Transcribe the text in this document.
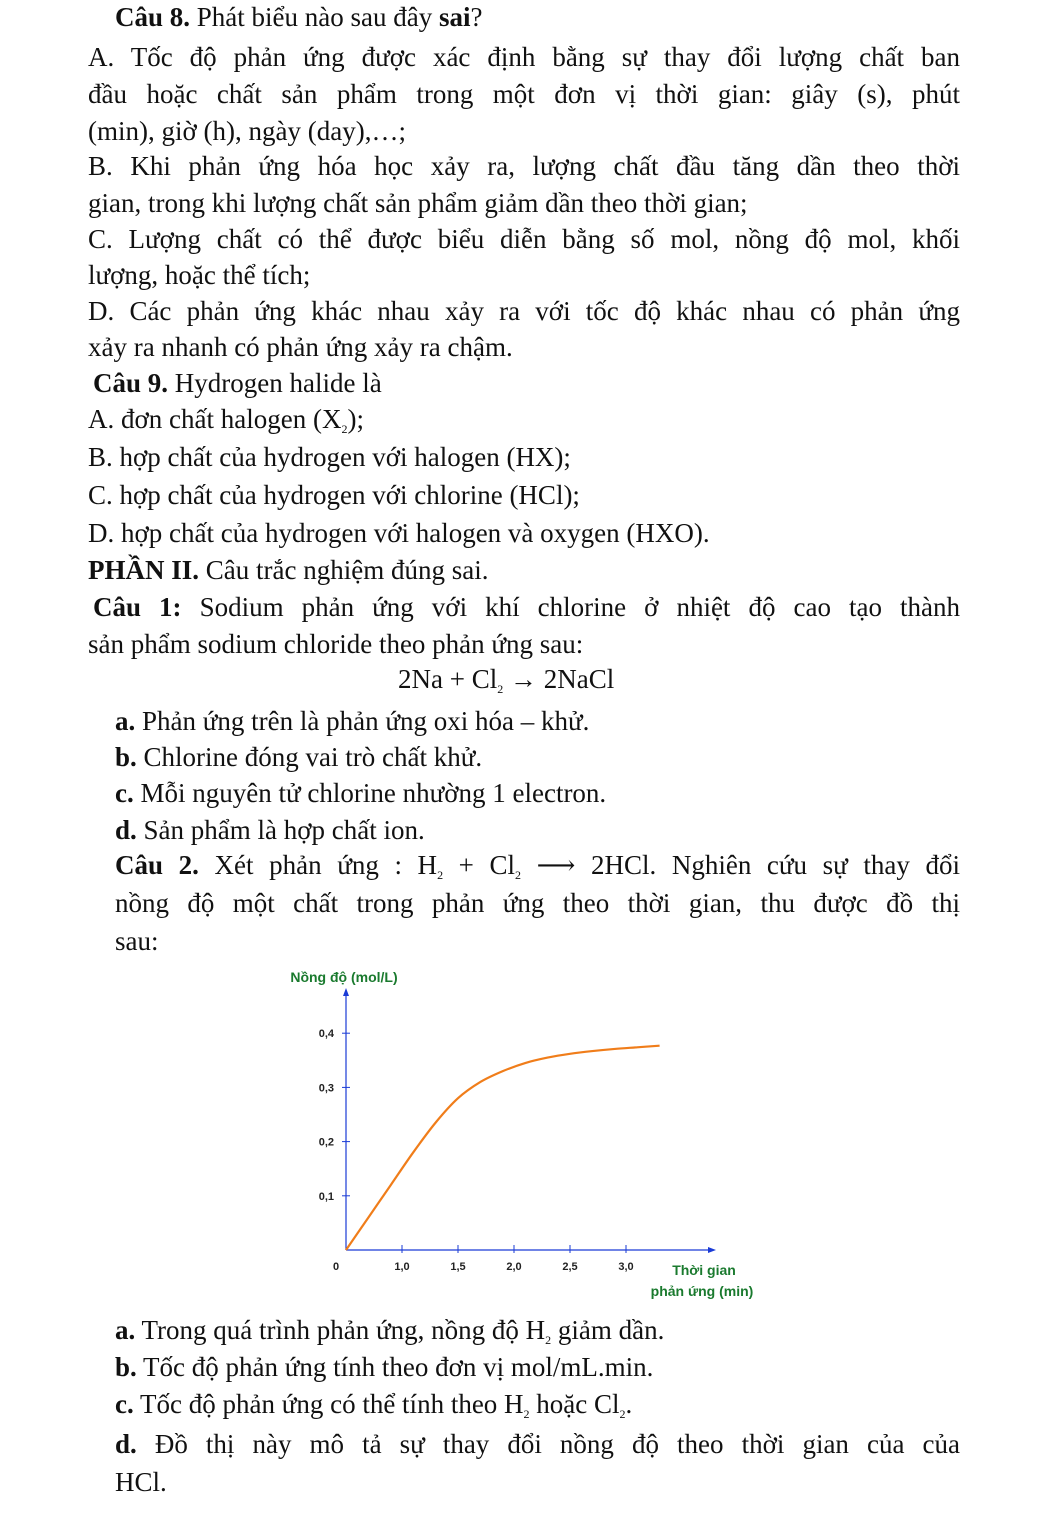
Câu 8. Phát biểu nào sau đây sai?
A. Tốc độ phản ứng được xác định bằng sự thay đổi lượng chất ban
đầu hoặc chất sản phẩm trong một đơn vị thời gian: giây (s), phút
(min), giờ (h), ngày (day),…;
B. Khi phản ứng hóa học xảy ra, lượng chất đầu tăng dần theo thời
gian, trong khi lượng chất sản phẩm giảm dần theo thời gian;
C. Lượng chất có thể được biểu diễn bằng số mol, nồng độ mol, khối
lượng, hoặc thể tích;
D. Các phản ứng khác nhau xảy ra với tốc độ khác nhau có phản ứng
xảy ra nhanh có phản ứng xảy ra chậm.
Câu 9. Hydrogen halide là
A. đơn chất halogen $(X_2)$;
B. hợp chất của hydrogen với halogen (HX);
C. hợp chất của hydrogen với chlorine (HCl);
D. hợp chất của hydrogen với halogen và oxygen (HXO).
PHẦN II. Câu trắc nghiệm đúng sai.
Câu 1: Sodium phản ứng với khí chlorine ở nhiệt độ cao tạo thành
sản phẩm sodium chloride theo phản ứng sau:
$2Na + Cl_2$ → 2NaCl
a. Phản ứng trên là phản ứng oxi hóa – khử.
b. Chlorine đóng vai trò chất khử.
c. Mỗi nguyên tử chlorine nhường 1 electron.
d. Sản phẩm là hợp chất ion.
Câu 2. Xét phản ứng : $H_2 + Cl_2$ ⟶ 2HCl. Nghiên cứu sự thay đổi
nồng độ một chất trong phản ứng theo thời gian, thu được đồ thị
sau:
1,0	1,5	2,0	2,5	3,0
0,1
0,2
0,3
0,4
Nồng độ (mol/L)
Thời gian
phản ứng (min)
0
a. Trong quá trình phản ứng, nồng độ $H_2$ giảm dần.
b. Tốc độ phản ứng tính theo đơn vị mol/mL.min.
c. Tốc độ phản ứng có thể tính theo $H_2$ hoặc $Cl_2$.
d. Đồ thị này mô tả sự thay đổi nồng độ theo thời gian của của
HCl.
